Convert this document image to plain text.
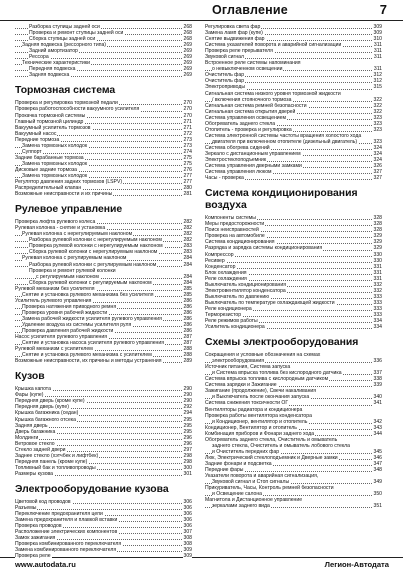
Оглавление	7
Разборка ступицы задней оси	268
Проверка и ремонт ступицы задней оси	268
Сборка ступицы задней оси	268
Задняя подвеска (рессорного типа)	269
Задний амортизатор	269
Рессора	269
Технические характеристики	269
Передняя подвеска	269
Задняя подвеска	269
Тормозная система
Проверка и регулировка тормозной педали	270
Проверка работоспособности вакуумного усилителя	270
Прокачка тормозной системы	270
Главный тормозной цилиндр	271
Вакуумный усилитель тормозов	271
Вакуумный насос	272
Передние тормоза	273
Замена тормозных колодок	273
Суппорт	274
Задние барабанные тормоза	275
Замена тормозных колодок	275
Дисковые задние тормоза	276
Замена тормозных колодок	277
Регулятор давления задних тормозов (LSPV)	277
Распределительный клапан	280
Возможные неисправности и их причины	281
Рулевое управление
Проверка люфта рулевого колеса	282
Рулевая колонка - снятие и установка	282
Рулевая колонка с нерегулируемым наклоном	282
Разборка рулевой колонки с нерегулируемым наклоном	282
Проверка рулевой колонки с нерегулируемым наклоном	283
Сборка рулевой колонки с нерегулируемым наклоном	283
Рулевая колонка с регулируемым наклоном	284
Разборка рулевой колонки с регулируемым наклоном	284
Проверка и ремонт рулевой колонки
с регулируемым наклоном	284
Сборка рулевой колонки с регулируемым наклоном	284
Рулевой механизм без усилителя	285
Снятие и установка рулевого механизма без усилителя	285
Усилитель рулевого управления	286
Проверка натяжения приводного ремня	286
Проверка уровня рабочей жидкости	286
Замена рабочей жидкости усилителя рулевого управления	286
Удаление воздуха из системы усилителя руля	286
Проверка давления рабочей жидкости	286
Насос усилителя рулевого управления	287
Снятие и установка насоса усилителя рулевого управления	287
Рулевой механизм с усилителем	288
Снятие и установка рулевого механизма с усилителем	288
Возможные неисправности, их причины и методы устранения	289
Кузов
Крышка капота	290
Фары (купе)	290
Передняя дверь (кроме купе)	290
Передняя дверь (купе)	292
Крышка багажника (седан)	294
Крышка багажного отсека	295
Задняя дверь	295
Дверь багажника	295
Молдинги	296
Ветровое стекло	296
Стекло задней двери	297
Заднее стекло (хэтчбек и лифтбек)	298
Передняя панель (кроме купе)	298
Топливный бак и топливопроводы	300
Размеры кузова	301
Электрооборудование кузова
Цветовой код проводов	306
Разъемы	306
Переключение предохранителя цепи	306
Замена предохранителя и плавкой вставки	306
Проверка проводов	306
Расположение электрических компонентов	307
Замок зажигания	308
Проверка комбинированного переключателя	308
Замена комбинированного переключателя	309
Проверка реле	309
Регулировка света фар	309
Замена ламп фар (купе)	309
Снятие выдвижения фар	310
Система указателей поворота и аварийной сигнализации	311
Проверка реле прерывателя	311
Звуковой сигнал	311
Встроенное реле системы напоминания
о невыключенном освещении	311
Очиститель фар	312
Очиститель фар	312
Электроприводы	315
Сигнальная система низкого уровня тормозной жидкости
/ включения стояночного тормоза	322
Сигнальная система ремней безопасности	322
Сигнальная система открытия дверей	322
Система управления освещением	323
Обогреватель заднего стекла	323
Отопитель - проверка и регулировка	323
Система электронной системы частоты вращения холостого хода
двигателя при включенном отопителе (дизельный двигатель)	323
Система обогрева сидений	324
Зеркало с дистанционным управлением	324
Электростеклоподъемник	324
Система управления дверными замками	326
Система управления люком	327
Часы - проверка	327
Система кондиционирования воздуха
Компоненты системы	328
Меры предосторожности	328
Поиск неисправностей	328
Проверка на автомобиле	329
Система кондиционирования	329
Разрядка и зарядка системы кондиционирования	329
Компрессор	330
Ресивер	330
Конденсатор	331
Блок охлаждения	331
Реле охлаждения	331
Выключатель кондиционирования	332
Электровентилятор конденсатора	332
Выключатель по давлению	333
Выключатель по температуре охлаждающей жидкости	333
Реле кондиционера	333
Терморезистор	333
Реле режимов работы	334
Усилитель кондиционера	334
Схемы электрооборудования
Сокращения и условные обозначения на схемах
электрооборудования	336
Источник питания, Система запуска
и Система впрыска топлива без кислородного датчика	337
Система впрыска топлива с кислородным датчиком	338
Система зарядки и Зажигание	339
Зажигание (продолжение), Свечи накаливания
и Выключатель после окончания запуска	340
Система снижения токсичности ОГ	341
Вентиляторы радиатора и кондиционера
Проверка работы вентилятора конденсатора
и Кондиционер, вентилятор и отопитель	342
Кондиционер, Вентилятор и отопитель	343
Комбинация приборов и Фонари заднего хода	344
Обогреватель заднего стекла, Очиститель и омыватель
заднего стекла, Очиститель и омыватель лобового стекла
и Очиститель передних фар	345
Люк, Электрический стеклоподъемник и Дверные замки	346
Задние фонари и подсветка	347
Передние фары	348
Указатели поворота и аварийная сигнализация,
Звуковой сигнал и Стоп сигналы	349
Прикуриватель, Часы, Контроль ремней безопасности
и Освещение салона	350
Магнитола и Дистанционное управление
зеркалами заднего вида	351
www.autodata.ru	Легион-Автодата
